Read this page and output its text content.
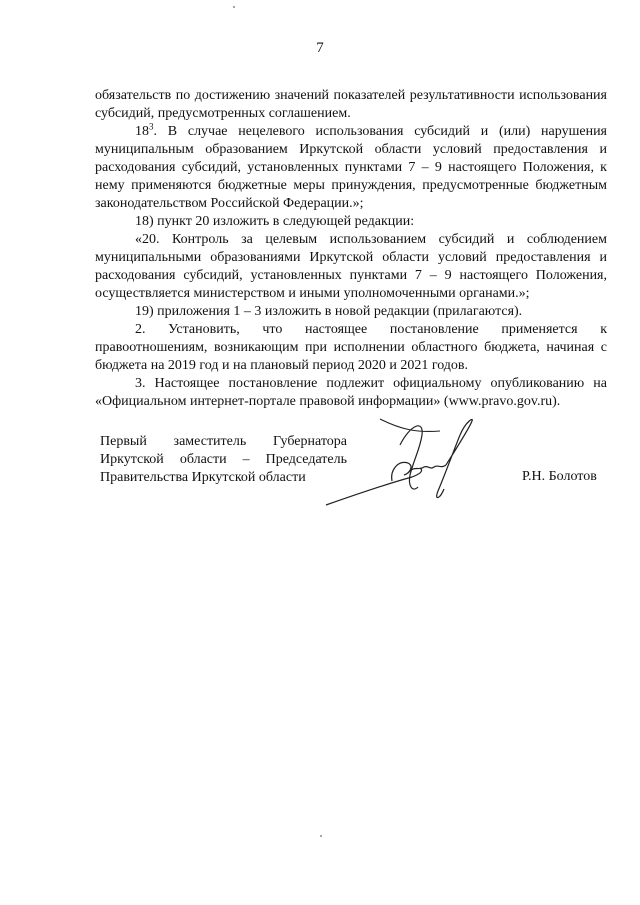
7

обязательств по достижению значений показателей результативности использования субсидий, предусмотренных соглашением.

$18^3$. В случае нецелевого использования субсидий и (или) нарушения муниципальным образованием Иркутской области условий предоставления и расходования субсидий, установленных пунктами 7 – 9 настоящего Положения, к нему применяются бюджетные меры принуждения, предусмотренные бюджетным законодательством Российской Федерации.»;

18) пункт 20 изложить в следующей редакции:

«20. Контроль за целевым использованием субсидий и соблюдением муниципальными образованиями Иркутской области условий предоставления и расходования субсидий, установленных пунктами 7 – 9 настоящего Положения, осуществляется министерством и иными уполномоченными органами.»;

19) приложения 1 – 3 изложить в новой редакции (прилагаются).

2. Установить, что настоящее постановление применяется к правоотношениям, возникающим при исполнении областного бюджета, начиная с бюджета на 2019 год и на плановый период 2020 и 2021 годов.

3. Настоящее постановление подлежит официальному опубликованию на «Официальном интернет-портале правовой информации» (www.pravo.gov.ru).

Первый заместитель Губернатора
Иркутской области – Председатель
Правительства Иркутской области	Р.Н. Болотов
